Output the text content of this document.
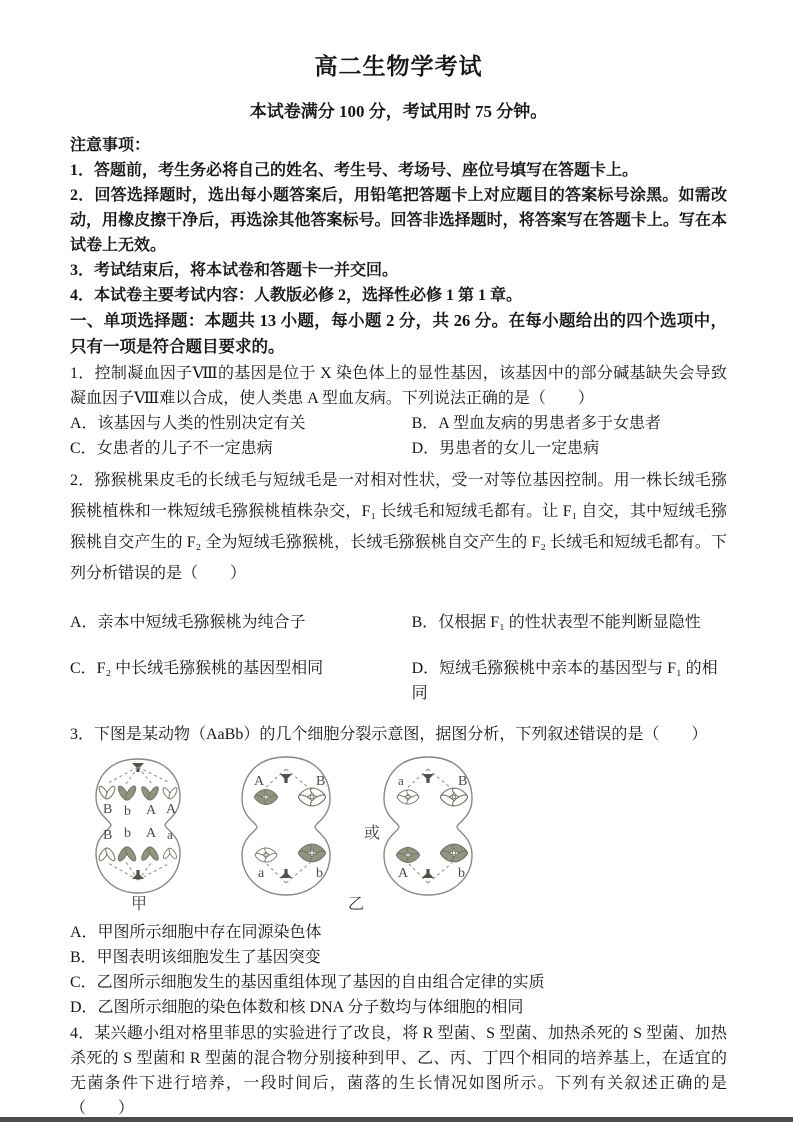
高二生物学考试
本试卷满分 100 分，考试用时 75 分钟。
注意事项：
1．答题前，考生务必将自己的姓名、考生号、考场号、座位号填写在答题卡上。
2．回答选择题时，选出每小题答案后，用铅笔把答题卡上对应题目的答案标号涂黑。如需改动，用橡皮擦干净后，再选涂其他答案标号。回答非选择题时，将答案写在答题卡上。写在本试卷上无效。
3．考试结束后，将本试卷和答题卡一并交回。
4．本试卷主要考试内容：人教版必修 2，选择性必修 1 第 1 章。
一、单项选择题：本题共 13 小题，每小题 2 分，共 26 分。在每小题给出的四个选项中，只有一项是符合题目要求的。
1．控制凝血因子Ⅷ的基因是位于 X 染色体上的显性基因，该基因中的部分碱基缺失会导致凝血因子Ⅷ难以合成，使人类患 A 型血友病。下列说法正确的是（　　）
A．该基因与人类的性别决定有关	B．A 型血友病的男患者多于女患者
C．女患者的儿子不一定患病	D．男患者的女儿一定患病
2．猕猴桃果皮毛的长绒毛与短绒毛是一对相对性状，受一对等位基因控制。用一株长绒毛猕猴桃植株和一株短绒毛猕猴桃植株杂交，F₁ 长绒毛和短绒毛都有。让 F₁ 自交，其中短绒毛猕猴桃自交产生的 F₂ 全为短绒毛猕猴桃，长绒毛猕猴桃自交产生的 F₂ 长绒毛和短绒毛都有。下列分析错误的是（　　）
A．亲本中短绒毛猕猴桃为纯合子	B．仅根据 F₁ 的性状表型不能判断显隐性
C．F₂ 中长绒毛猕猴桃的基因型相同	D．短绒毛猕猴桃中亲本的基因型与 F₁ 的相同
3．下图是某动物（AaBb）的几个细胞分裂示意图，据图分析，下列叙述错误的是（　　）
B b A A
B b A a
甲
A	B
a	b
或
a	B
A	b
乙
A．甲图所示细胞中存在同源染色体
B．甲图表明该细胞发生了基因突变
C．乙图所示细胞发生的基因重组体现了基因的自由组合定律的实质
D．乙图所示细胞的染色体数和核 DNA 分子数均与体细胞的相同
4．某兴趣小组对格里菲思的实验进行了改良，将 R 型菌、S 型菌、加热杀死的 S 型菌、加热杀死的 S 型菌和 R 型菌的混合物分别接种到甲、乙、丙、丁四个相同的培养基上，在适宜的无菌条件下进行培养，一段时间后，菌落的生长情况如图所示。下列有关叙述正确的是（　　）
